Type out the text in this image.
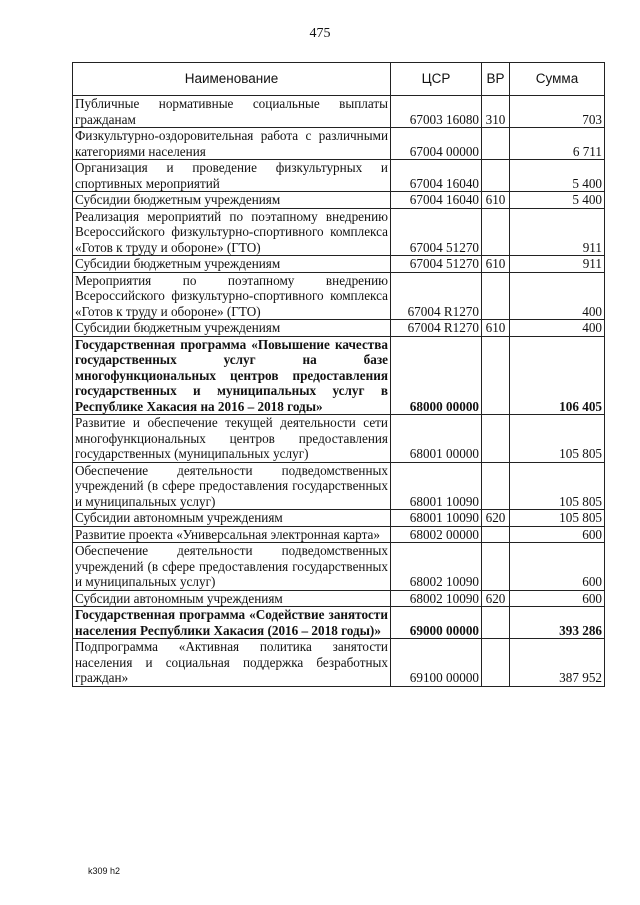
475
Наименование	ЦСР	ВР	Сумма
Публичные нормативные социальные выплаты гражданам	67003 16080	310	703
Физкультурно-оздоровительная работа с различными категориями населения	67004 00000		6 711
Организация и проведение физкультурных и спортивных мероприятий	67004 16040		5 400
Субсидии бюджетным учреждениям	67004 16040	610	5 400
Реализация мероприятий по поэтапному внедрению Всероссийского физкультурно-спортивного комплекса «Готов к труду и обороне» (ГТО)	67004 51270		911
Субсидии бюджетным учреждениям	67004 51270	610	911
Мероприятия по поэтапному внедрению Всероссийского физкультурно-спортивного комплекса «Готов к труду и обороне» (ГТО)	67004 R1270		400
Субсидии бюджетным учреждениям	67004 R1270	610	400
Государственная программа «Повышение качества государственных услуг на базе многофункциональных центров предоставления государственных и муниципальных услуг в Республике Хакасия на 2016 – 2018 годы»	68000 00000		106 405
Развитие и обеспечение текущей деятельности сети многофункциональных центров предоставления государственных (муниципальных услуг)	68001 00000		105 805
Обеспечение деятельности подведомственных учреждений (в сфере предоставления государственных и муниципальных услуг)	68001 10090		105 805
Субсидии автономным учреждениям	68001 10090	620	105 805
Развитие проекта «Универсальная электронная карта»	68002 00000		600
Обеспечение деятельности подведомственных учреждений (в сфере предоставления государственных и муниципальных услуг)	68002 10090		600
Субсидии автономным учреждениям	68002 10090	620	600
Государственная программа «Содействие занятости населения Республики Хакасия (2016 – 2018 годы)»	69000 00000		393 286
Подпрограмма «Активная политика занятости населения и социальная поддержка безработных граждан»	69100 00000		387 952
k309 h2
